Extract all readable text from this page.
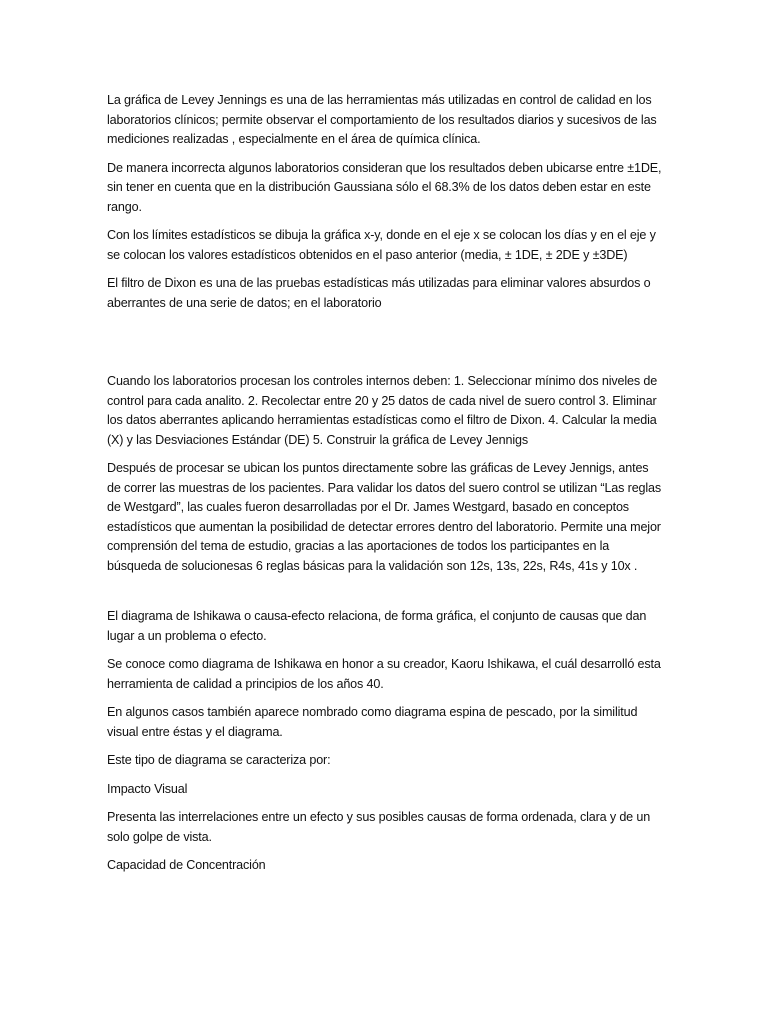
La gráfica de Levey Jennings es una de las herramientas más utilizadas en control de calidad en los laboratorios clínicos; permite observar el comportamiento de los resultados diarios y sucesivos de las mediciones realizadas , especialmente en el área de química clínica.

De manera incorrecta algunos laboratorios consideran que los resultados deben ubicarse entre ±1DE, sin tener en cuenta que en la distribución Gaussiana sólo el 68.3% de los datos deben estar en este rango.

Con los límites estadísticos se dibuja la gráfica x-y, donde en el eje x se colocan los días y en el eje y se colocan los valores estadísticos obtenidos en el paso anterior (media, ± 1DE, ± 2DE y ±3DE)

El filtro de Dixon es una de las pruebas estadísticas más utilizadas para eliminar valores absurdos o aberrantes de una serie de datos; en el laboratorio

Cuando los laboratorios procesan los controles internos deben: 1. Seleccionar mínimo dos niveles de control para cada analito. 2. Recolectar entre 20 y 25 datos de cada nivel de suero control 3. Eliminar los datos aberrantes aplicando herramientas estadísticas como el filtro de Dixon. 4. Calcular la media (X) y las Desviaciones Estándar (DE) 5. Construir la gráfica de Levey Jennigs

Después de procesar se ubican los puntos directamente sobre las gráficas de Levey Jennigs, antes de correr las muestras de los pacientes. Para validar los datos del suero control se utilizan “Las reglas de Westgard”, las cuales fueron desarrolladas por el Dr. James Westgard, basado en conceptos estadísticos que aumentan la posibilidad de detectar errores dentro del laboratorio. Permite una mejor comprensión del tema de estudio, gracias a las aportaciones de todos los participantes en la búsqueda de solucionesas 6 reglas básicas para la validación son 12s, 13s, 22s, R4s, 41s y 10x .

El diagrama de Ishikawa o causa-efecto relaciona, de forma gráfica, el conjunto de causas que dan lugar a un problema o efecto.

Se conoce como diagrama de Ishikawa en honor a su creador, Kaoru Ishikawa, el cuál desarrolló esta herramienta de calidad a principios de los años 40.

En algunos casos también aparece nombrado como diagrama espina de pescado, por la similitud visual entre éstas y el diagrama.

Este tipo de diagrama se caracteriza por:

Impacto Visual

Presenta las interrelaciones entre un efecto y sus posibles causas de forma ordenada, clara y de un solo golpe de vista.

Capacidad de Concentración
